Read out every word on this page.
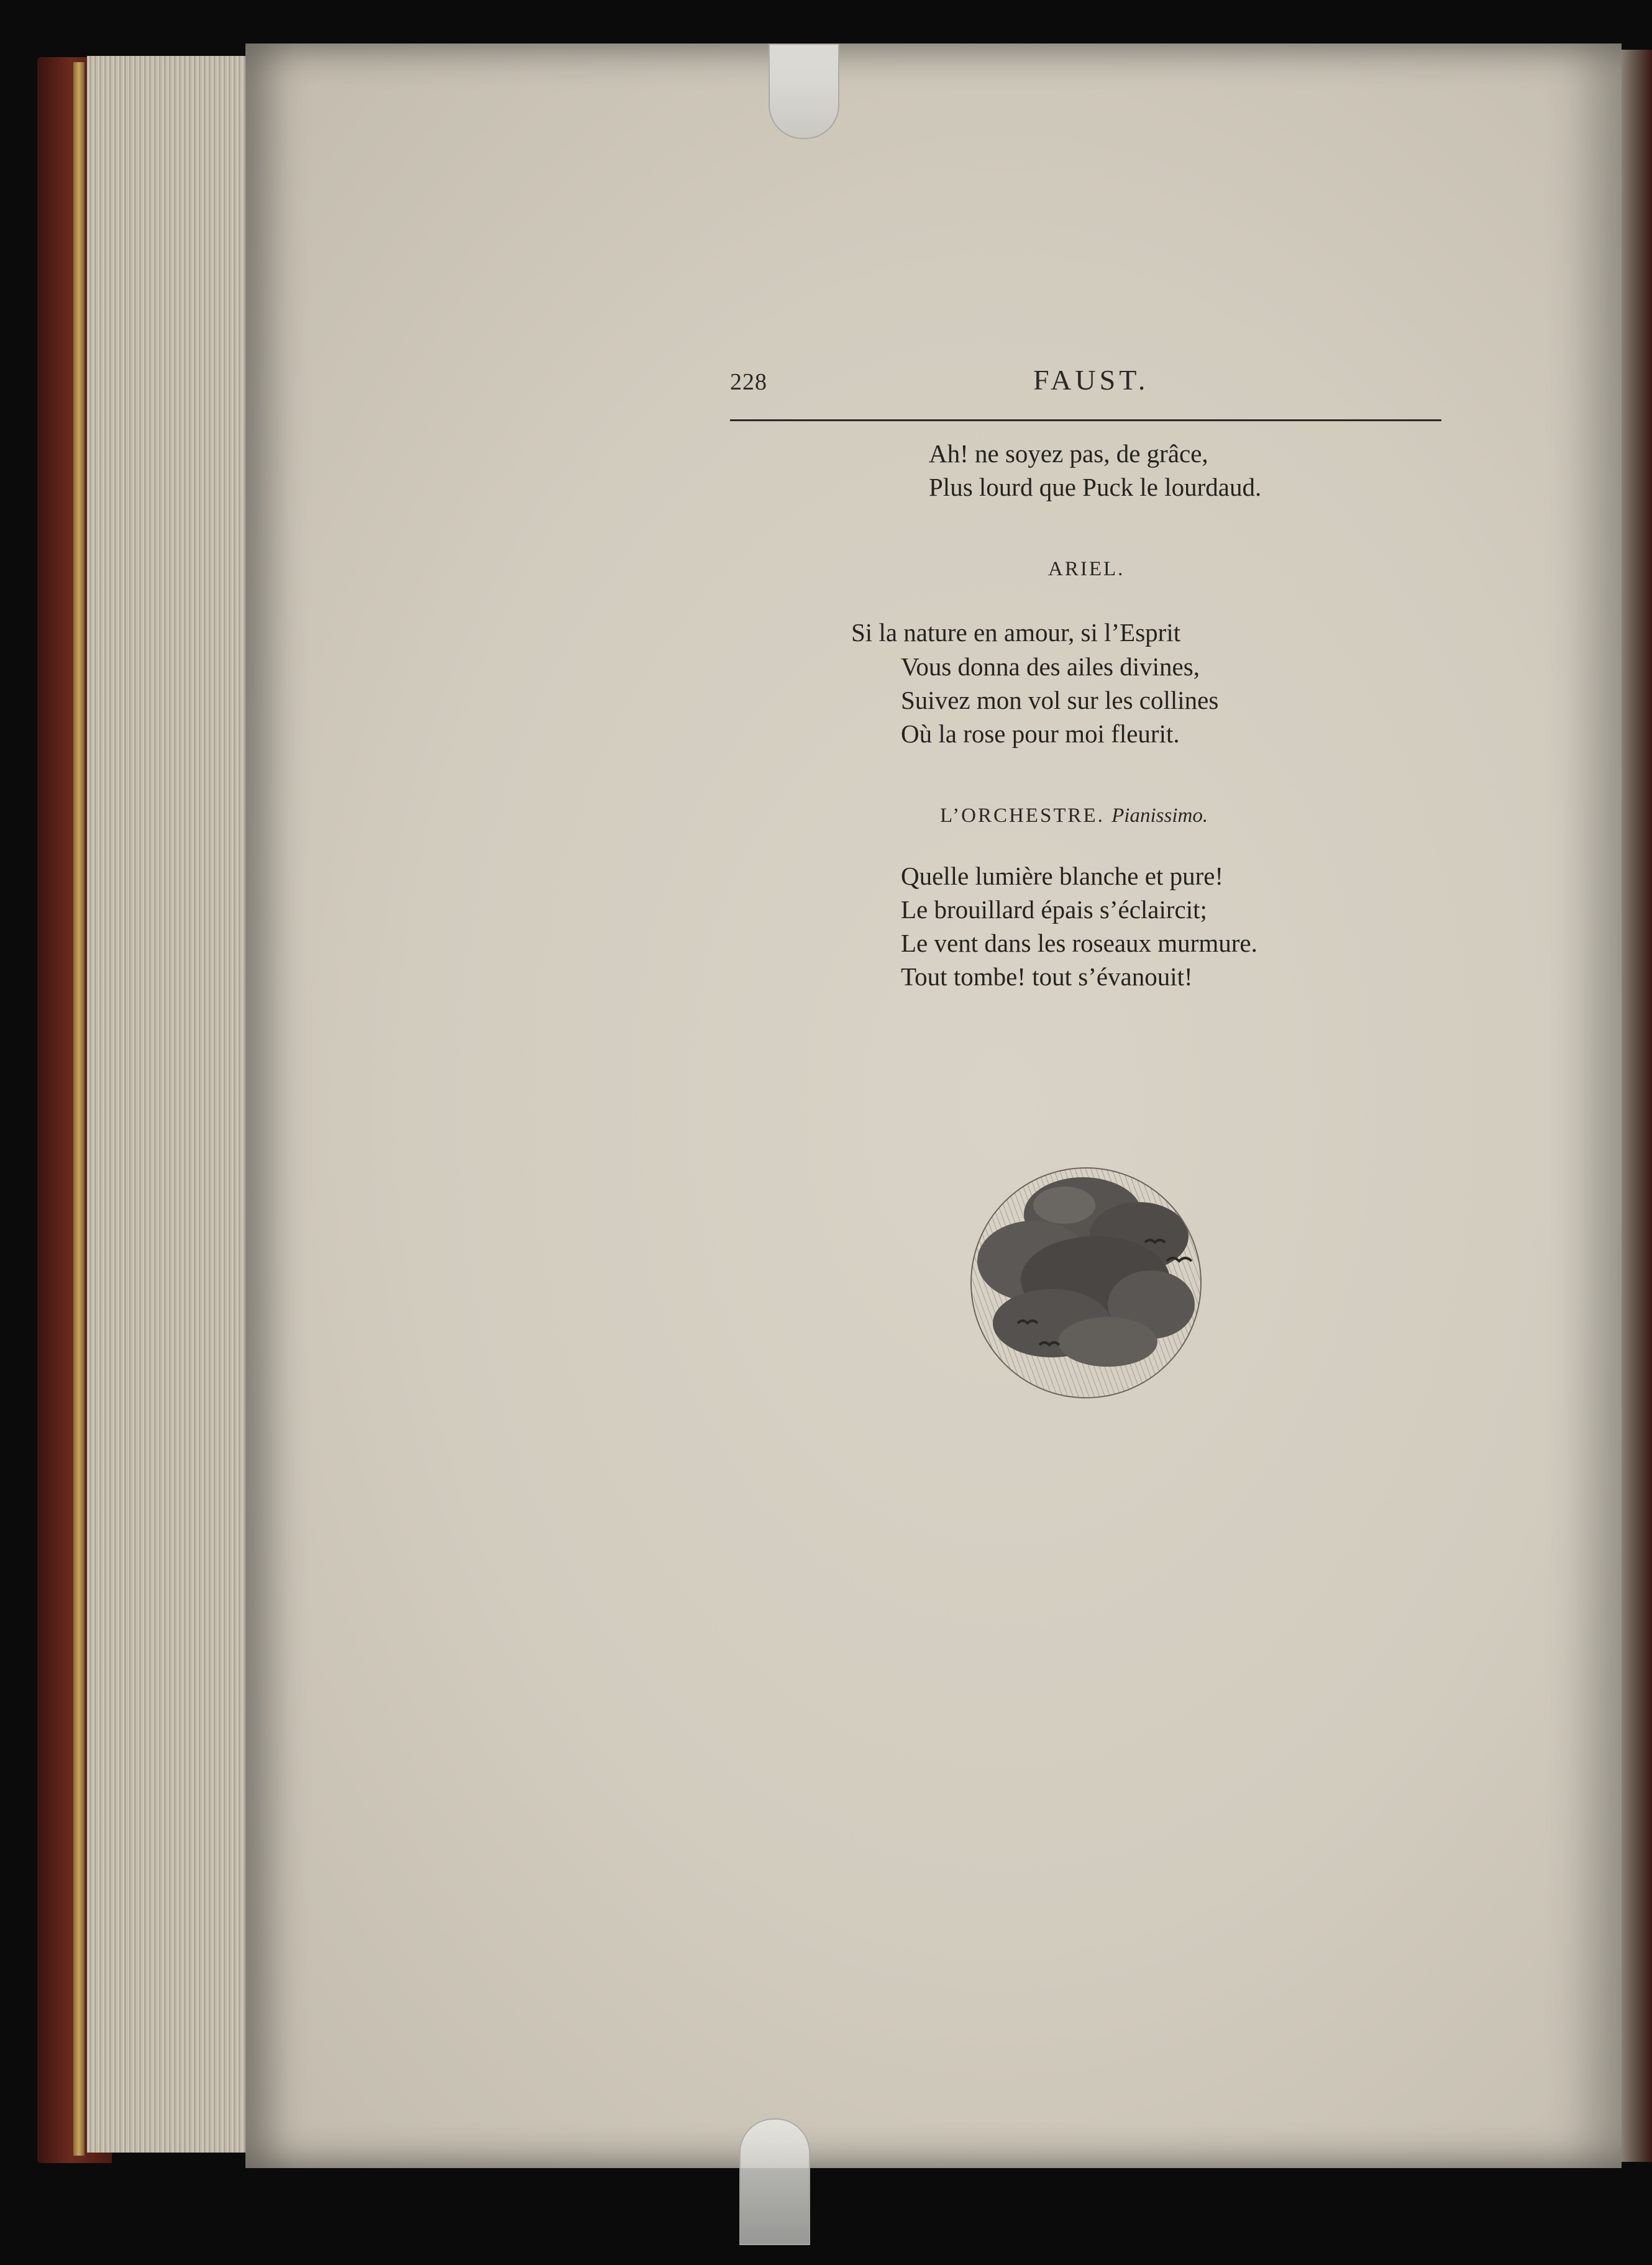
228	FAUST.
Ah! ne soyez pas, de grâce,
Plus lourd que Puck le lourdaud.
ARIEL.
Si la nature en amour, si l’Esprit
Vous donna des ailes divines,
Suivez mon vol sur les collines
Où la rose pour moi fleurit.
L’ORCHESTRE. Pianissimo.
Quelle lumière blanche et pure!
Le brouillard épais s’éclaircit;
Le vent dans les roseaux murmure.
Tout tombe! tout s’évanouit!
